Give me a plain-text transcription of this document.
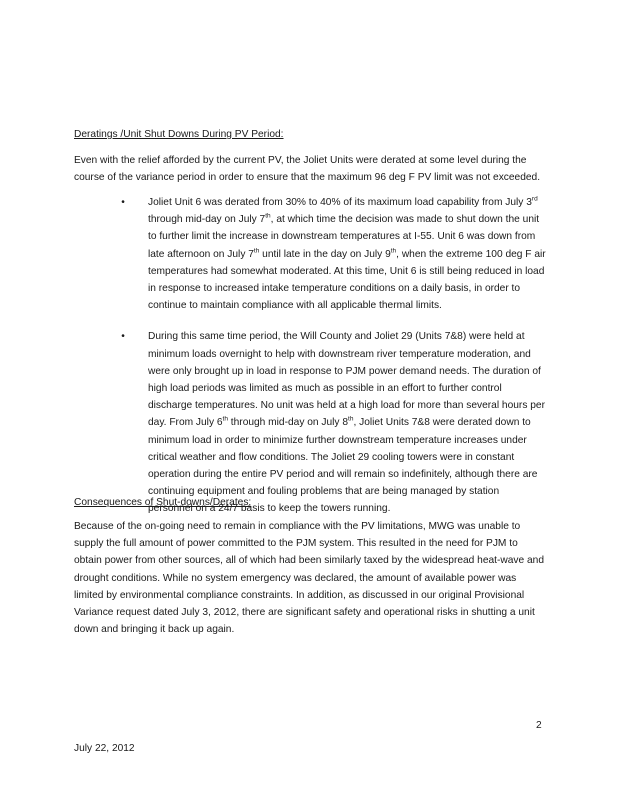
Deratings /Unit Shut Downs During PV Period:

Even with the relief afforded by the current PV, the Joliet Units were derated at some level during the course of the variance period in order to ensure that the maximum 96 deg F PV limit was not exceeded.

•	Joliet Unit 6 was derated from 30% to 40% of its maximum load capability from July 3rd through mid-day on July 7th, at which time the decision was made to shut down the unit to further limit the increase in downstream temperatures at I-55. Unit 6 was down from late afternoon on July 7th until late in the day on July 9th, when the extreme 100 deg F air temperatures had somewhat moderated. At this time, Unit 6 is still being reduced in load in response to increased intake temperature conditions on a daily basis, in order to continue to maintain compliance with all applicable thermal limits.
•	During this same time period, the Will County and Joliet 29 (Units 7&8) were held at minimum loads overnight to help with downstream river temperature moderation, and were only brought up in load in response to PJM power demand needs. The duration of high load periods was limited as much as possible in an effort to further control discharge temperatures. No unit was held at a high load for more than several hours per day. From July 6th through mid-day on July 8th, Joliet Units 7&8 were derated down to minimum load in order to minimize further downstream temperature increases under critical weather and flow conditions. The Joliet 29 cooling towers were in constant operation during the entire PV period and will remain so indefinitely, although there are continuing equipment and fouling problems that are being managed by station personnel on a 24/7 basis to keep the towers running.
Consequences of Shut-downs/Derates:

Because of the on-going need to remain in compliance with the PV limitations, MWG was unable to supply the full amount of power committed to the PJM system. This resulted in the need for PJM to obtain power from other sources, all of which had been similarly taxed by the widespread heat-wave and drought conditions. While no system emergency was declared, the amount of available power was limited by environmental compliance constraints. In addition, as discussed in our original Provisional Variance request dated July 3, 2012, there are significant safety and operational risks in shutting a unit down and bringing it back up again.

2
July 22, 2012
